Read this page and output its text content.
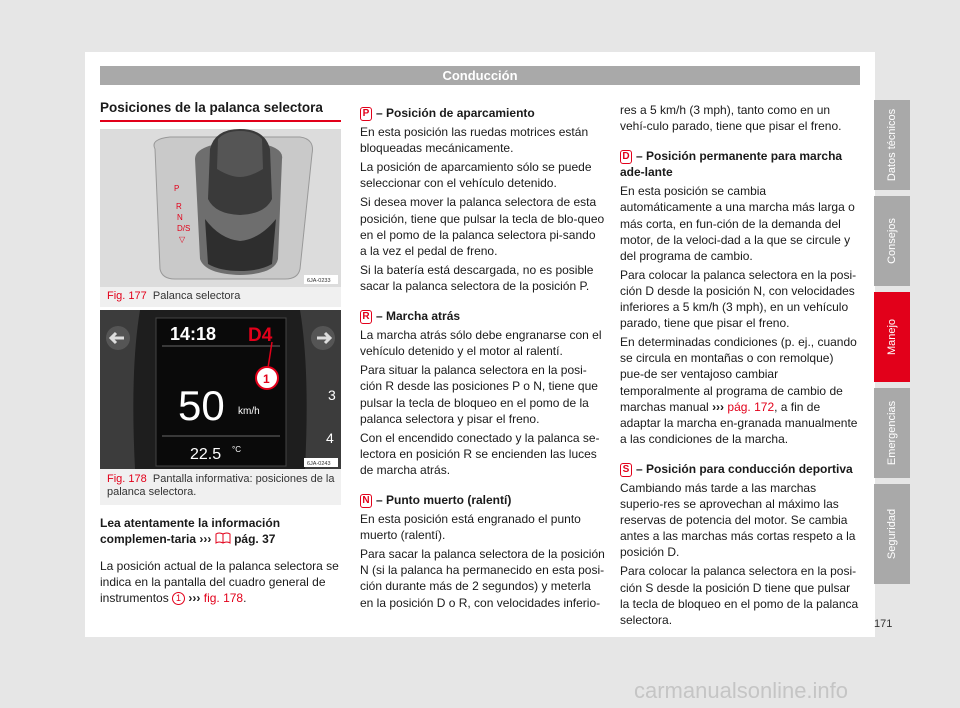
Conducción
Posiciones de la palanca selectora
P
R
N
D/S
▽
6JA-0233
Fig. 177 Palanca selectora
14:18 D4
1
50 km/h
22.5 °C
4
3
6JA-0243
Fig. 178 Pantalla informativa: posiciones de la palanca selectora.

Lea atentamente la información complemen-taria ››› pág. 37

La posición actual de la palanca selectora se indica en la pantalla del cuadro general de instrumentos 1 ››› fig. 178.

P – Posición de aparcamiento

En esta posición las ruedas motrices están bloqueadas mecánicamente.

La posición de aparcamiento sólo se puede seleccionar con el vehículo detenido.

Si desea mover la palanca selectora de esta posición, tiene que pulsar la tecla de blo-queo en el pomo de la palanca selectora pi-sando a la vez el pedal de freno.

Si la batería está descargada, no es posible sacar la palanca selectora de la posición P.

R – Marcha atrás

La marcha atrás sólo debe engranarse con el vehículo detenido y el motor al ralentí.

Para situar la palanca selectora en la posi-ción R desde las posiciones P o N, tiene que pulsar la tecla de bloqueo en el pomo de la palanca selectora y pisar el freno.

Con el encendido conectado y la palanca se-lectora en posición R se encienden las luces de marcha atrás.

N – Punto muerto (ralentí)

En esta posición está engranado el punto muerto (ralentí).

Para sacar la palanca selectora de la posición N (si la palanca ha permanecido en esta posi-ción durante más de 2 segundos) y meterla en la posición D o R, con velocidades inferio-

res a 5 km/h (3 mph), tanto como en un vehí-culo parado, tiene que pisar el freno.

D – Posición permanente para marcha ade-lante

En esta posición se cambia automáticamente a una marcha más larga o más corta, en fun-ción de la demanda del motor, de la veloci-dad a la que se circule y del programa de cambio.

Para colocar la palanca selectora en la posi-ción D desde la posición N, con velocidades inferiores a 5 km/h (3 mph), en un vehículo parado, tiene que pisar el freno.

En determinadas condiciones (p. ej., cuando se circula en montañas o con remolque) pue-de ser ventajoso cambiar temporalmente al programa de cambio de marchas manual ››› pág. 172, a fin de adaptar la marcha en-granada manualmente a las condiciones de la marcha.

S – Posición para conducción deportiva

Cambiando más tarde a las marchas superio-res se aprovechan al máximo las reservas de potencia del motor. Se cambia antes a las marchas más cortas respeto a la posición D.

Para colocar la palanca selectora en la posi-ción S desde la posición D tiene que pulsar la tecla de bloqueo en el pomo de la palanca selectora.

Datos técnicos
Consejos
Manejo
Emergencias
Seguridad
171
carmanualsonline.info
